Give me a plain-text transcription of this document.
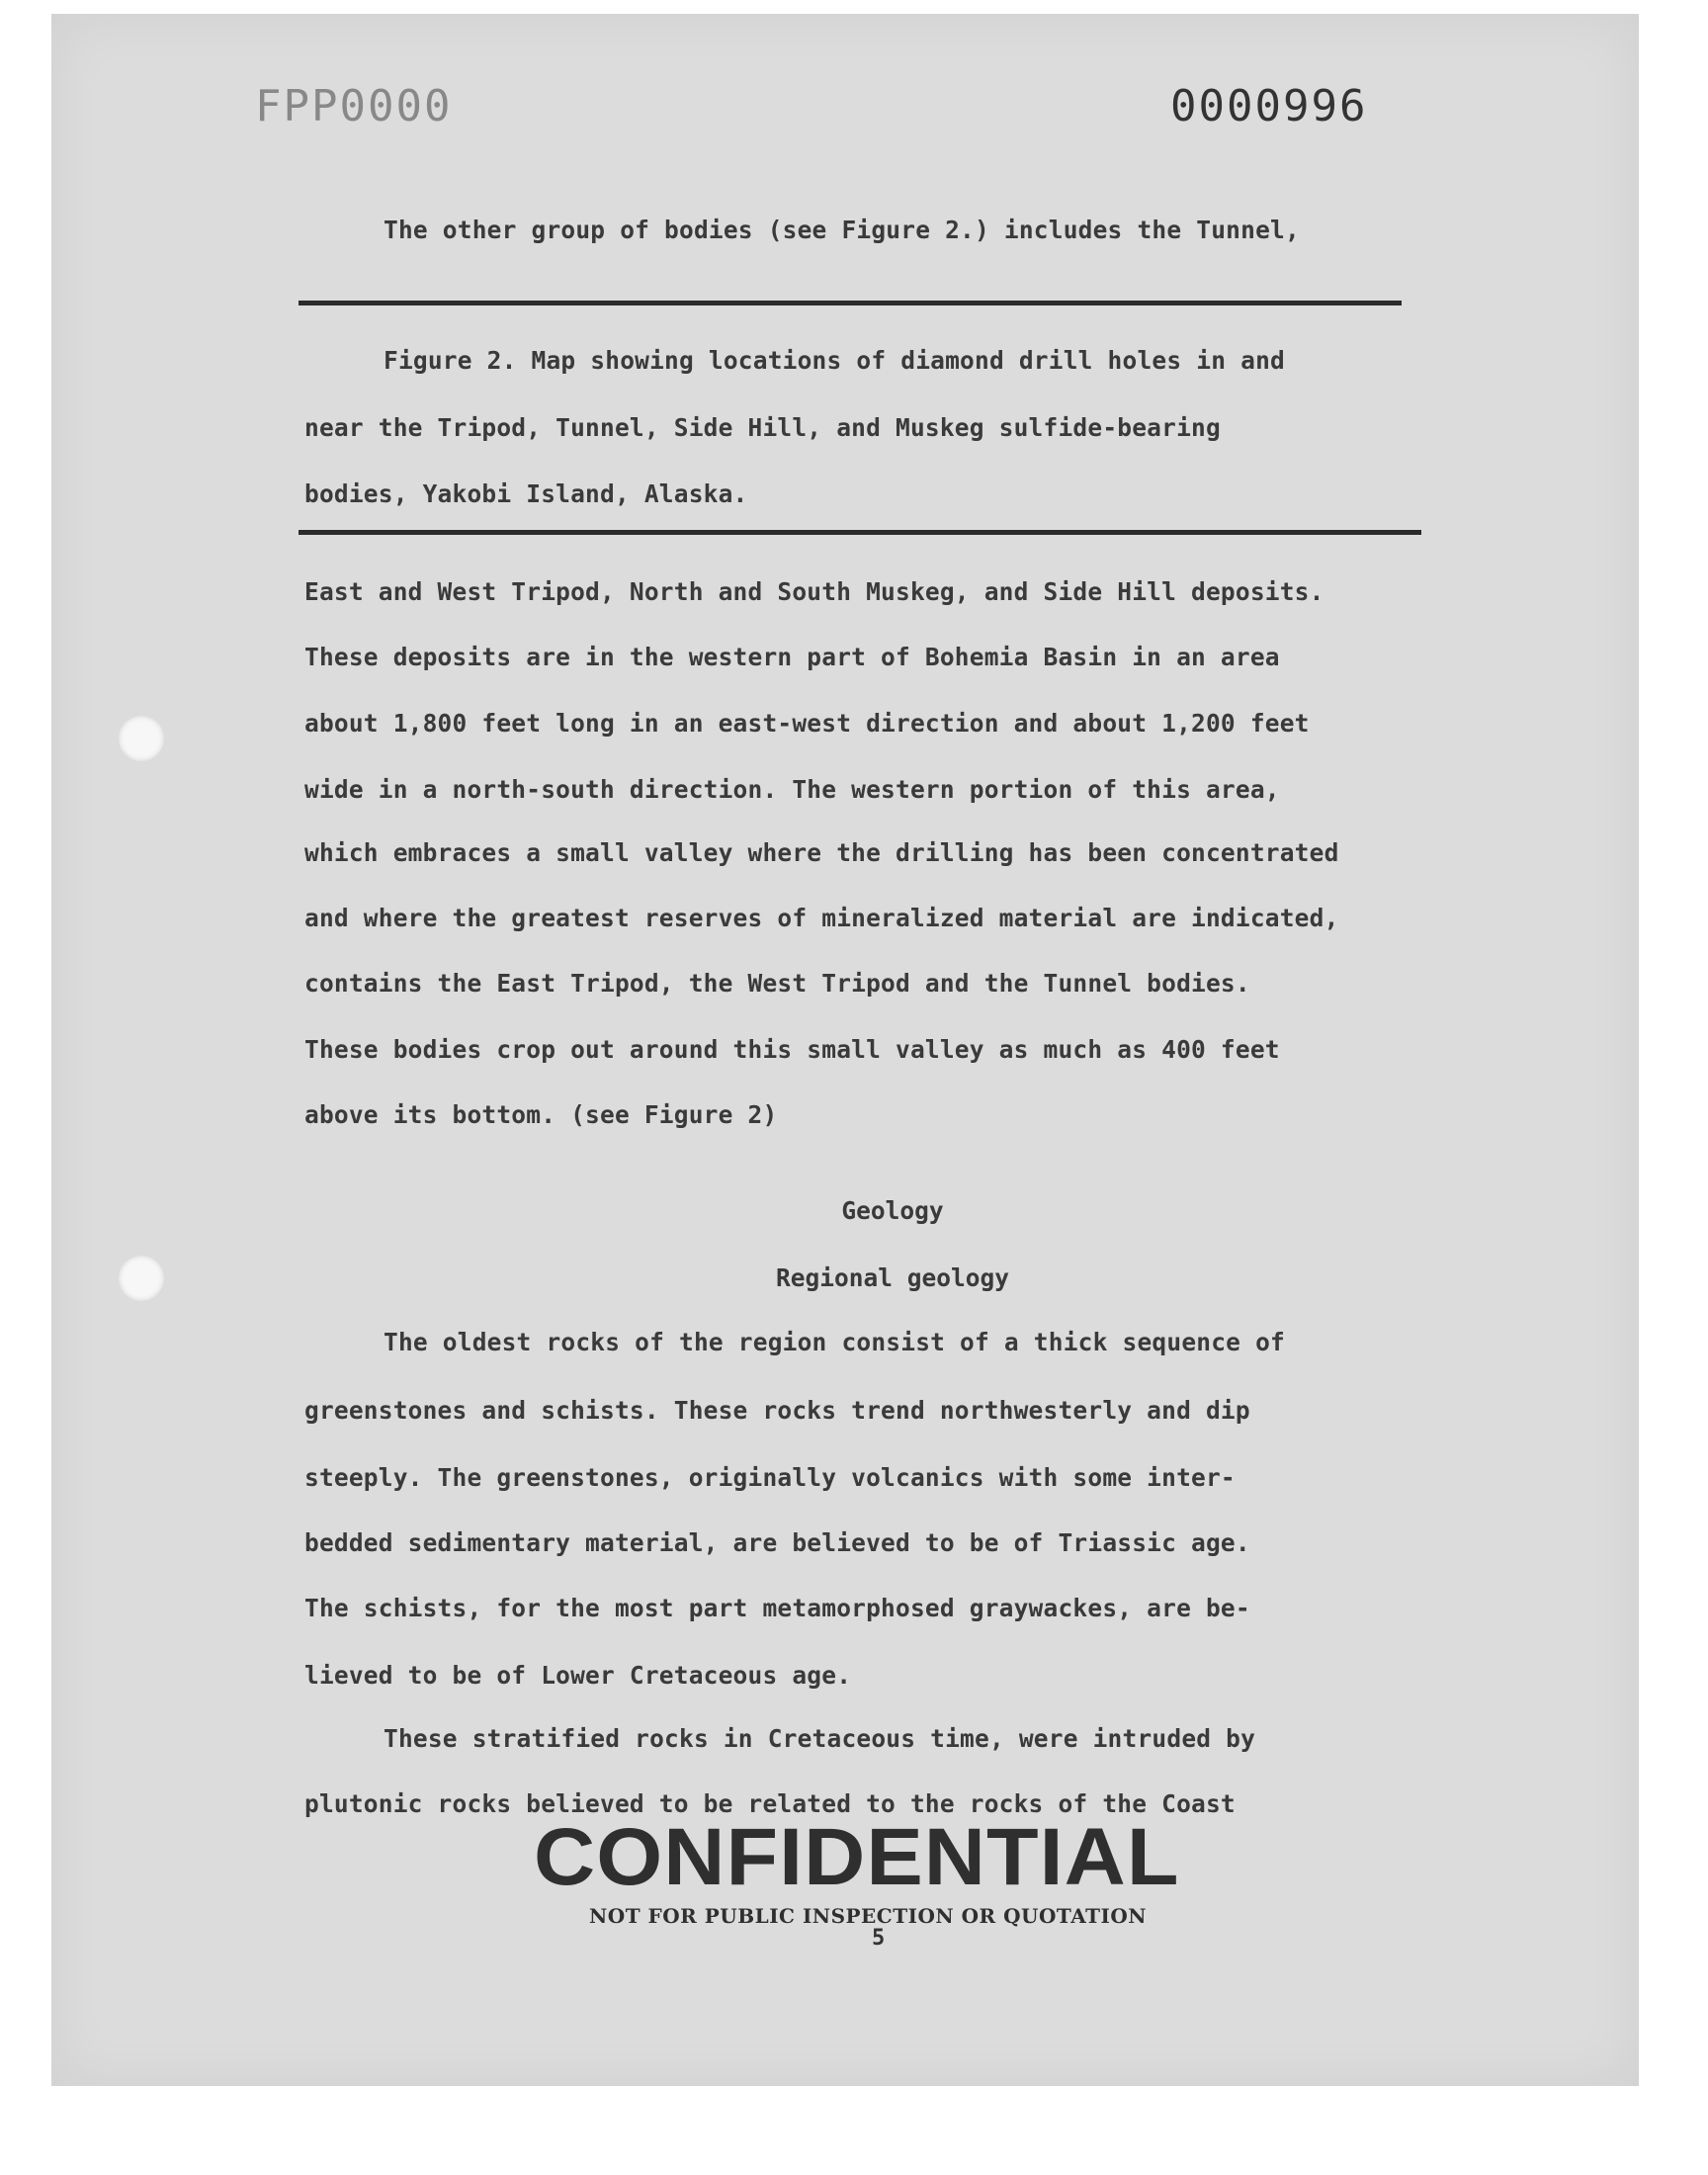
FPP0000	0000996

The other group of bodies (see Figure 2.) includes the Tunnel,

Figure 2. Map showing locations of diamond drill holes in and

near the Tripod, Tunnel, Side Hill, and Muskeg sulfide-bearing

bodies, Yakobi Island, Alaska.

East and West Tripod, North and South Muskeg, and Side Hill deposits.

These deposits are in the western part of Bohemia Basin in an area

about 1,800 feet long in an east-west direction and about 1,200 feet

wide in a north-south direction. The western portion of this area,

which embraces a small valley where the drilling has been concentrated

and where the greatest reserves of mineralized material are indicated,

contains the East Tripod, the West Tripod and the Tunnel bodies.

These bodies crop out around this small valley as much as 400 feet

above its bottom. (see Figure 2)

Geology
Regional geology

The oldest rocks of the region consist of a thick sequence of

greenstones and schists. These rocks trend northwesterly and dip

steeply. The greenstones, originally volcanics with some inter-

bedded sedimentary material, are believed to be of Triassic age.

The schists, for the most part metamorphosed graywackes, are be-

lieved to be of Lower Cretaceous age.

These stratified rocks in Cretaceous time, were intruded by

plutonic rocks believed to be related to the rocks of the Coast

CONFIDENTIAL
NOT FOR PUBLIC INSPECTION OR QUOTATION
5
